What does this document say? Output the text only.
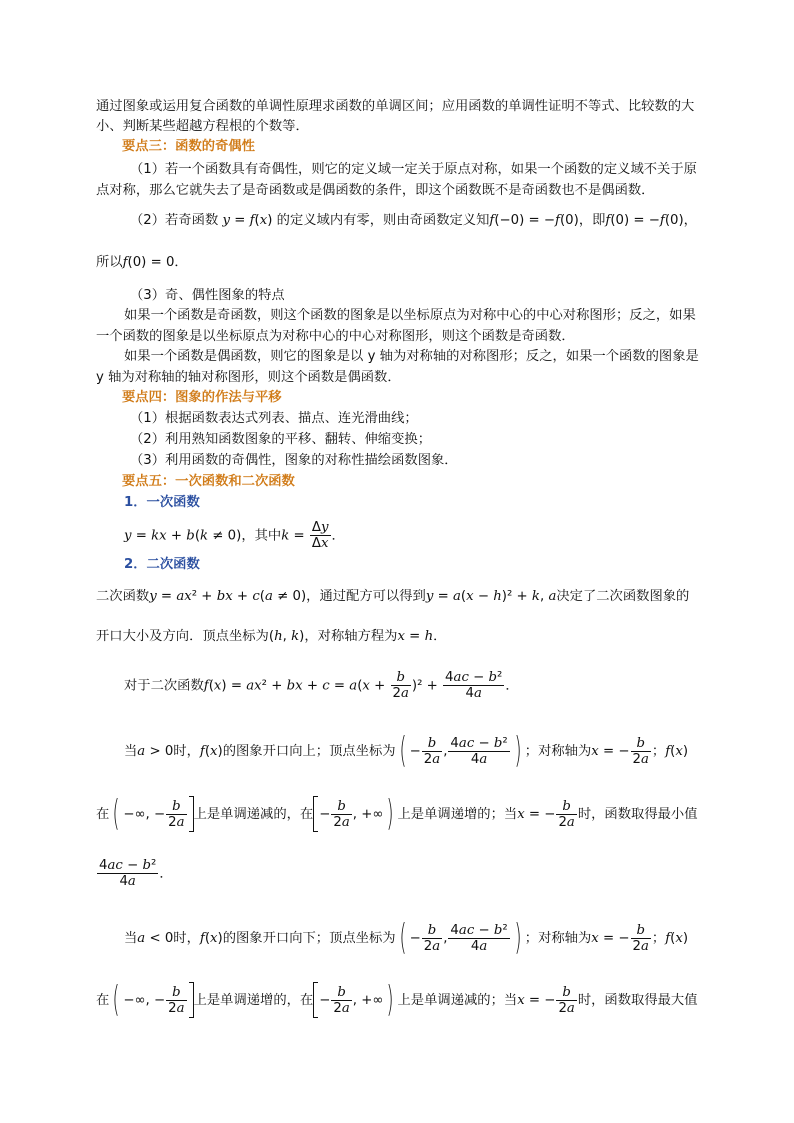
通过图象或运用复合函数的单调性原理求函数的单调区间；应用函数的单调性证明不等式、比较数的大
小、判断某些超越方程根的个数等．
要点三：函数的奇偶性
（1）若一个函数具有奇偶性，则它的定义域一定关于原点对称，如果一个函数的定义域不关于原
点对称，那么它就失去了是奇函数或是偶函数的条件，即这个函数既不是奇函数也不是偶函数．
（2）若奇函数 y = f(x) 的定义域内有零，则由奇函数定义知f(−0) = −f(0)，即f(0) = −f(0)，
所以f(0) = 0．
（3）奇、偶性图象的特点
如果一个函数是奇函数，则这个函数的图象是以坐标原点为对称中心的中心对称图形；反之，如果
一个函数的图象是以坐标原点为对称中心的中心对称图形，则这个函数是奇函数．
如果一个函数是偶函数，则它的图象是以 y 轴为对称轴的对称图形；反之，如果一个函数的图象是
y 轴为对称轴的轴对称图形，则这个函数是偶函数．
要点四：图象的作法与平移
（1）根据函数表达式列表、描点、连光滑曲线；
（2）利用熟知函数图象的平移、翻转、伸缩变换；
（3）利用函数的奇偶性，图象的对称性描绘函数图象．
要点五：一次函数和二次函数
1．一次函数
y = kx + b(k ≠ 0)，其中$k = \frac{\Delta y}{\Delta x}$ ．
2．二次函数
二次函数y = ax² + bx + c(a ≠ 0)，通过配方可以得到y = a(x − h)² + k, a决定了二次函数图象的
开口大小及方向．顶点坐标为(h, k)，对称轴方程为x = h．
对于二次函数f(x) = ax² + bx + $c = a(x + \frac{b}{2a} )^2 + \frac{\text{4ac − b²}}{4a}$ ．
当a > 0时，f(x)的图象开口向上；顶点坐标为( − $\frac{b}{2a}$ , $\frac{\text{4ac − b²}}{4a}$ ) ；对称轴为x = − $\frac{b}{2a}$ ；f(x)
在( −∞, − $\frac{b}{2a}$ 上是单调递减的，在 − $\frac{b}{2a}$ , +∞) 上是单调递增的；当x = − $\frac{b}{2a}$ 时，函数取得最小值
$\frac{\text{4ac − b²}}{4a}$ ．
当a < 0时，f(x)的图象开口向下；顶点坐标为( − $\frac{b}{2a}$ , $\frac{\text{4ac − b²}}{4a}$ ) ；对称轴为x = − $\frac{b}{2a}$ ；f(x)
在( −∞, − $\frac{b}{2a}$ 上是单调递增的，在 − $\frac{b}{2a}$ , +∞) 上是单调递减的；当x = − $\frac{b}{2a}$ 时，函数取得最大值
